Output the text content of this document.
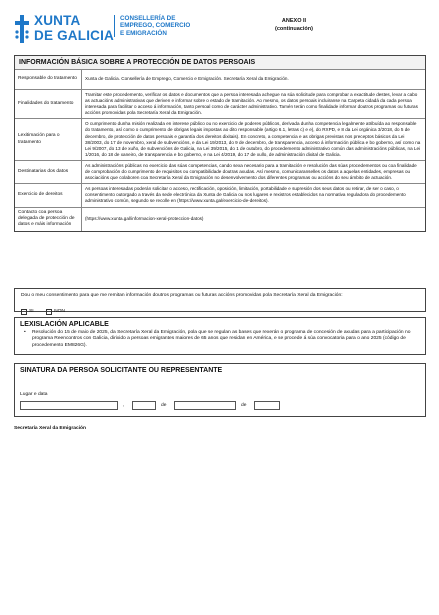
XUNTA
DE GALICIA
CONSELLERÍA DE
EMPREGO, COMERCIO
E EMIGRACIÓN
ANEXO II
(continuación)
INFORMACIÓN BÁSICA SOBRE A PROTECCIÓN DE DATOS PERSOAIS
Responsable do tratamento	Xunta de Galicia. Consellería de Emprego, Comercio e Emigración. Secretaría Xeral da Emigración.
Finalidades do tratamento	Tramitar este procedemento, verificar os datos e documentos que a persoa interesada achegue na súa solicitude para comprobar a exactitude destes, levar a cabo as actuacións administrativas que deriven e informar sobre o estado de tramitación. Ao mesmo, os datos persoais incluiranse na Carpeta cidadá da cada persoa interesada para facilitar o acceso á información, tanto persoal como de carácter administrativo. Tamén terán como finalidade informar doutros programas ou futuras accións promovidas pola Secretaría Xeral da Emigración.
Lexitimación para o tratamento	O cumprimento dunha misión realizada en interese público ou no exercicio de poderes públicos, derivada dunha competencia legalmente atribuída ao responsable do tratamento, así como o cumprimento de obrigas legais impostas ao dito responsable (artigo 6.1, letras c) e e), do RXPD, e 8 da Lei orgánica 3/2018, do 5 de decembro, de protección de datos persoais e garantía dos dereitos dixitais). En concreto, a competencia e as obrigas previstas nos preceptos básicos da Lei 38/2003, do 17 de novembro, xeral de subvencións, e da Lei 19/2013, do 9 de decembro, de transparencia, acceso á información pública e bo goberno, así como na Lei 9/2007, do 13 de xuño, de subvencións de Galicia, na Lei 39/2015, do 1 de outubro, do procedemento administrativo común das administracións públicas, na Lei 1/2016, do 18 de xaneiro, de transparencia e bo goberno, e na Lei 4/2019, do 17 de xullo, de administración dixital de Galicia.
Destinatarias dos datos	As administracións públicas no exercicio das súas competencias, cando sexa necesario para a tramitación e resolución das súas procedementos ou coa finalidade de comprobación do cumprimento de requisitos ou compatibilidade doutras axudas. Así mesmo, comunicaranselles os datos a aquelas entidades, empresas ou asociacións que colaboren coa Secretaría Xeral da Emigración no desenvolvemento dos diferentes programas ou accións do seu ámbito de actuación.
Exercicio de dereitos	As persoas interesadas poderán solicitar o acceso, rectificación, oposición, limitación, portabilidade e supresión dos seus datos ou retirar, de ser o caso, o consentimento outorgado a través da sede electrónica da Xunta de Galicia ou nos lugares e rexistros establecidos na normativa reguladora do procedemento administrativo común, segundo se recolle en (https://www.xunta.gal/exercicio-de-dereitos).
Contacto coa persoa delegada de protección de datos e máis información	(https://www.xunta.gal/informacion-xeral-proteccion-datos)
Dou o meu consentimento para que me remitan información doutros programas ou futuras accións promovidas pola Secretaría Xeral da Emigración:
SI
	NON
LEXISLACIÓN APLICABLE
• Resolución do 15 de maio de 2025, da Secretaría Xeral da Emigración, pola que se regulan as bases que rexerán o programa de concesión de axudas para a participación no programa Reencontros con Galicia, dirixido a persoas emigrantes maiores de 65 anos que residan en América, e se procede á súa convocatoria para o ano 2025 (código de procedemento EM826G).
SINATURA DA PERSOA SOLICITANTE OU REPRESENTANTE
Lugar e data
,	de	de
Secretaría Xeral da Emigración
